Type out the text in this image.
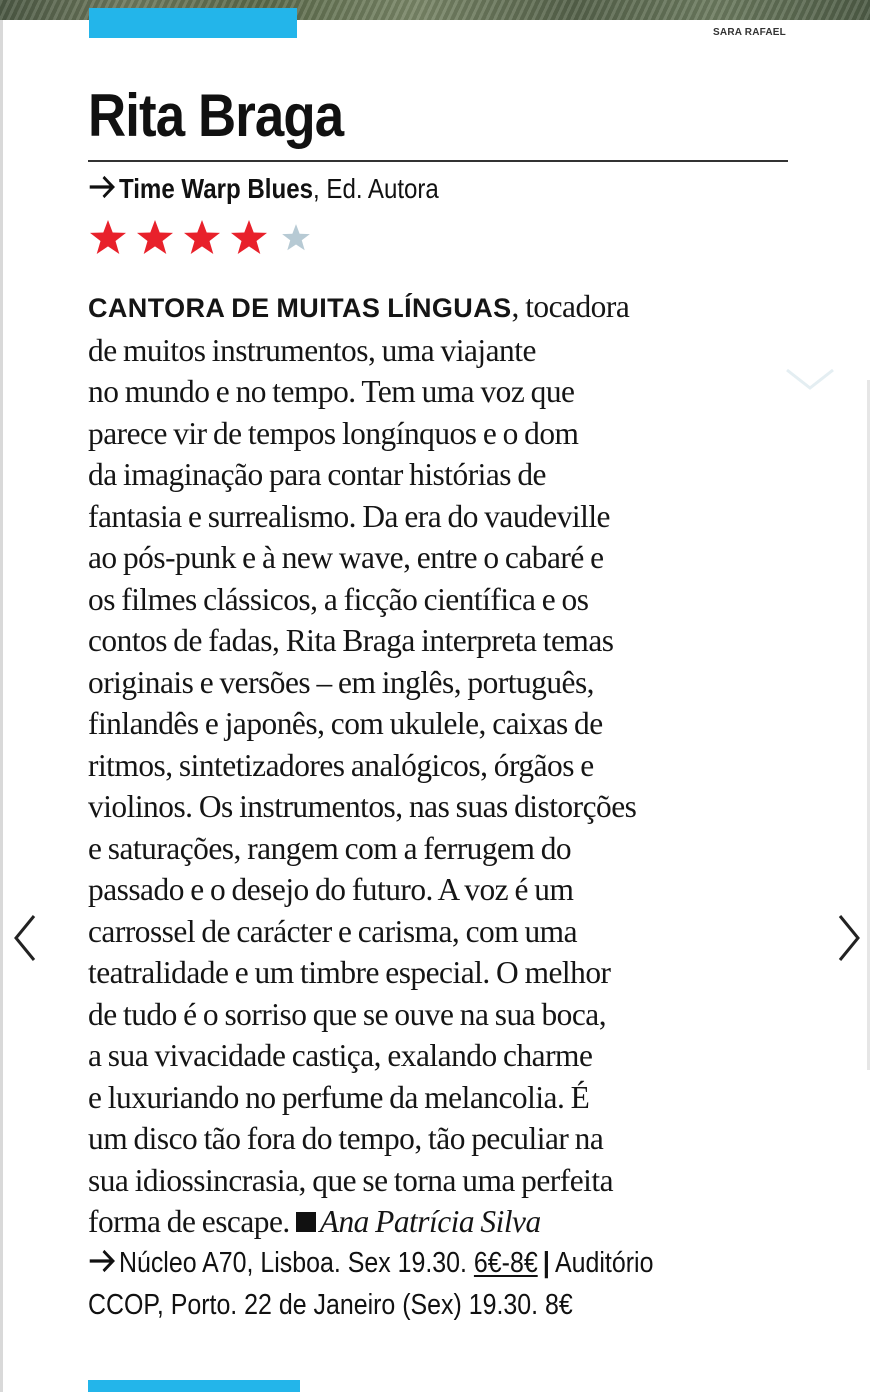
SARA RAFAEL
Rita Braga
Time Warp Blues, Ed. Autora
CANTORA DE MUITAS LÍNGUAS, tocadora
de muitos instrumentos, uma viajante
no mundo e no tempo. Tem uma voz que
parece vir de tempos longínquos e o dom
da imaginação para contar histórias de
fantasia e surrealismo. Da era do vaudeville
ao pós-punk e à new wave, entre o cabaré e
os filmes clássicos, a ficção científica e os
contos de fadas, Rita Braga interpreta temas
originais e versões – em inglês, português,
finlandês e japonês, com ukulele, caixas de
ritmos, sintetizadores analógicos, órgãos e
violinos. Os instrumentos, nas suas distorções
e saturações, rangem com a ferrugem do
passado e o desejo do futuro. A voz é um
carrossel de carácter e carisma, com uma
teatralidade e um timbre especial. O melhor
de tudo é o sorriso que se ouve na sua boca,
a sua vivacidade castiça, exalando charme
e luxuriando no perfume da melancolia. É
um disco tão fora do tempo, tão peculiar na
sua idiossincrasia, que se torna uma perfeita
forma de escape. Ana Patrícia Silva
Núcleo A70, Lisboa. Sex 19.30. 6€-8€ | Auditório
CCOP, Porto. 22 de Janeiro (Sex) 19.30. 8€
